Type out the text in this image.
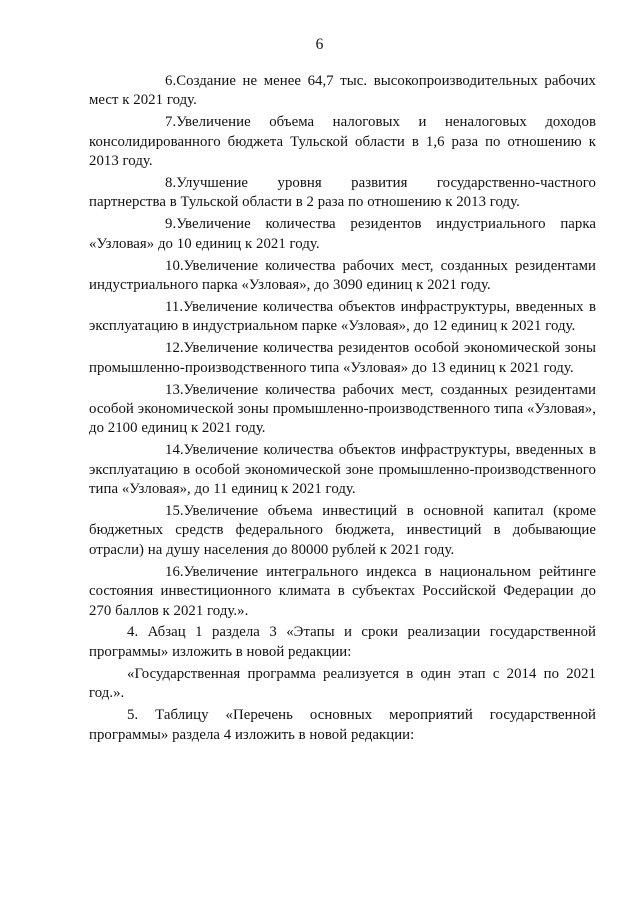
6

6.Создание не менее 64,7 тыс. высокопроизводительных рабочих мест к 2021 году.

7.Увеличение объема налоговых и неналоговых доходов консолидированного бюджета Тульской области в 1,6 раза по отношению к 2013 году.

8.Улучшение уровня развития государственно-частного партнерства в Тульской области в 2 раза по отношению к 2013 году.

9.Увеличение количества резидентов индустриального парка «Узловая» до 10 единиц к 2021 году.

10.Увеличение количества рабочих мест, созданных резидентами индустриального парка «Узловая», до 3090 единиц к 2021 году.

11.Увеличение количества объектов инфраструктуры, введенных в эксплуатацию в индустриальном парке «Узловая», до 12 единиц к 2021 году.

12.Увеличение количества резидентов особой экономической зоны промышленно-производственного типа «Узловая» до 13 единиц к 2021 году.

13.Увеличение количества рабочих мест, созданных резидентами особой экономической зоны промышленно-производственного типа «Узловая», до 2100 единиц к 2021 году.

14.Увеличение количества объектов инфраструктуры, введенных в эксплуатацию в особой экономической зоне промышленно-производственного типа «Узловая», до 11 единиц к 2021 году.

15.Увеличение объема инвестиций в основной капитал (кроме бюджетных средств федерального бюджета, инвестиций в добывающие отрасли) на душу населения до 80000 рублей к 2021 году.

16.Увеличение интегрального индекса в национальном рейтинге состояния инвестиционного климата в субъектах Российской Федерации до 270 баллов к 2021 году.».

4. Абзац 1 раздела 3 «Этапы и сроки реализации государственной программы» изложить в новой редакции:

«Государственная программа реализуется в один этап с 2014 по 2021 год.».

5. Таблицу «Перечень основных мероприятий государственной программы» раздела 4 изложить в новой редакции:
